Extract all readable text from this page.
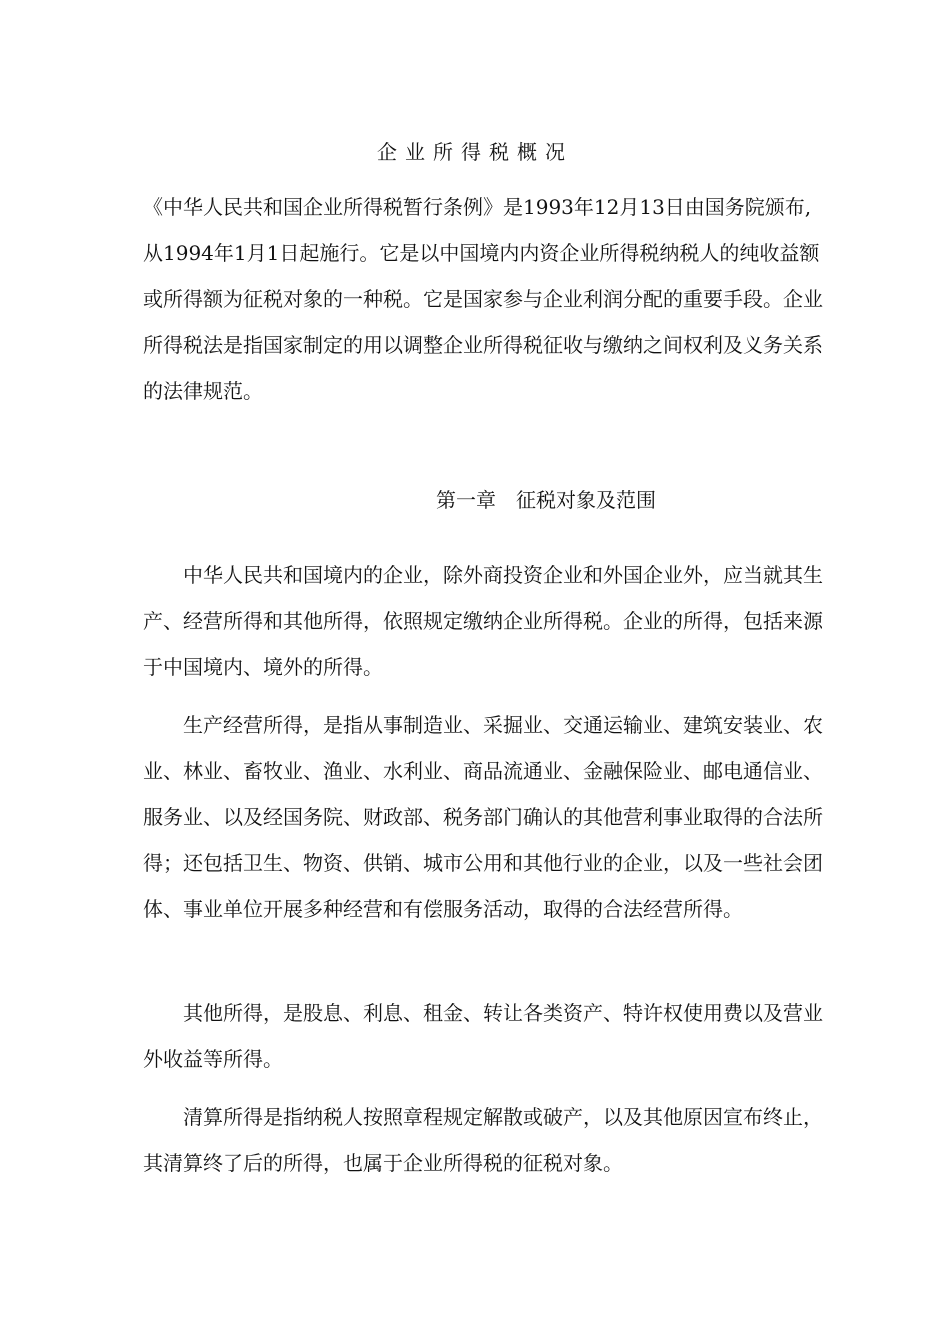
企业所得税概况

《中华人民共和国企业所得税暂行条例》是1993年12月13日由国务院颁布,从1994年1月1日起施行。它是以中国境内内资企业所得税纳税人的纯收益额或所得额为征税对象的一种税。它是国家参与企业利润分配的重要手段。企业所得税法是指国家制定的用以调整企业所得税征收与缴纳之间权利及义务关系的法律规范。

第一章　征税对象及范围

　　中华人民共和国境内的企业，除外商投资企业和外国企业外，应当就其生产、经营所得和其他所得，依照规定缴纳企业所得税。企业的所得，包括来源于中国境内、境外的所得。

　　生产经营所得，是指从事制造业、采掘业、交通运输业、建筑安装业、农业、林业、畜牧业、渔业、水利业、商品流通业、金融保险业、邮电通信业、服务业、以及经国务院、财政部、税务部门确认的其他营利事业取得的合法所得；还包括卫生、物资、供销、城市公用和其他行业的企业，以及一些社会团体、事业单位开展多种经营和有偿服务活动，取得的合法经营所得。

　　其他所得，是股息、利息、租金、转让各类资产、特许权使用费以及营业外收益等所得。

　　清算所得是指纳税人按照章程规定解散或破产，以及其他原因宣布终止，其清算终了后的所得，也属于企业所得税的征税对象。
